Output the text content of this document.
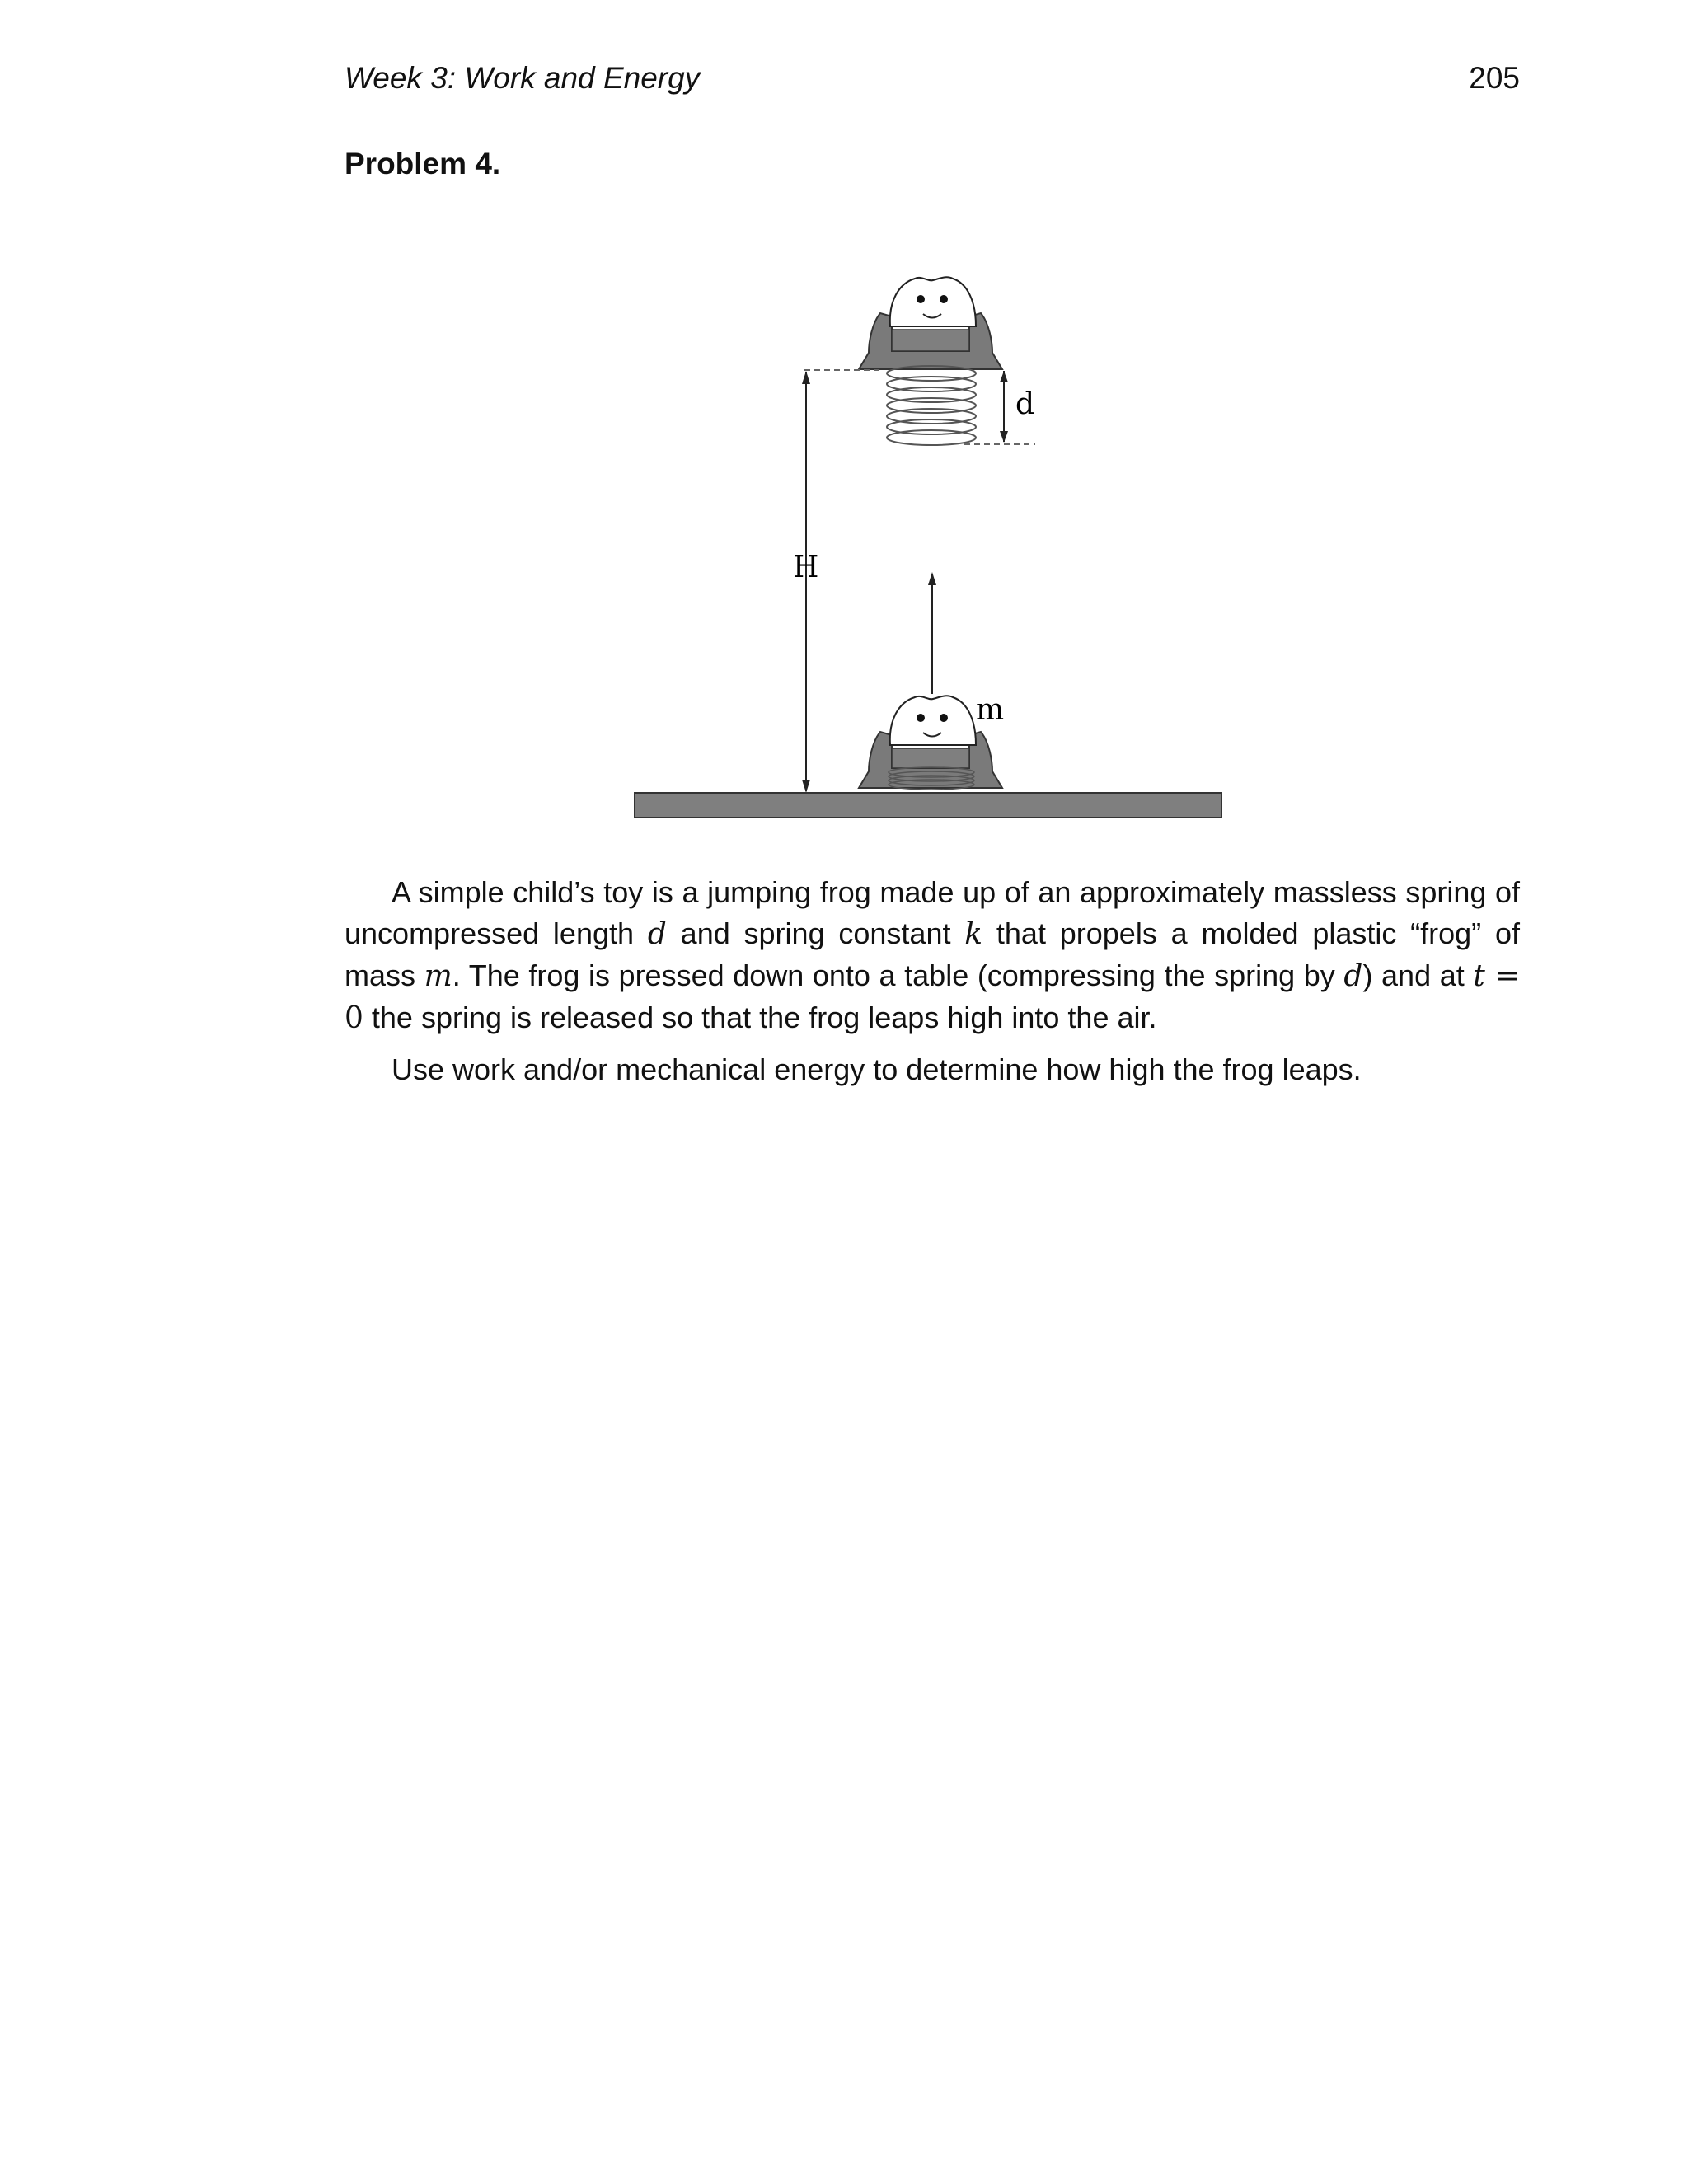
Week 3: Work and Energy	205
Problem 4.
d
H
m

A simple child’s toy is a jumping frog made up of an approximately massless spring of uncompressed length d and spring constant k that propels a molded plastic “frog” of mass m. The frog is pressed down onto a table (compressing the spring by d) and at t = 0 the spring is released so that the frog leaps high into the air.

Use work and/or mechanical energy to determine how high the frog leaps.
